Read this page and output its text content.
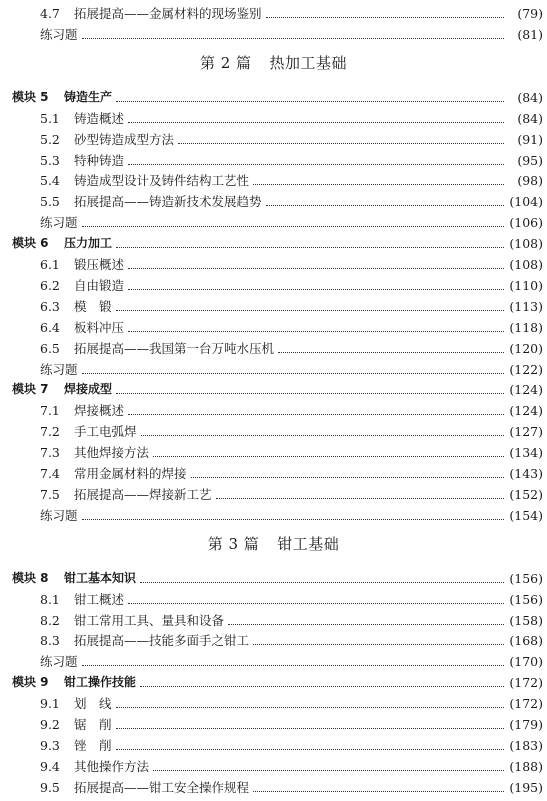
4.7	拓展提高——金属材料的现场鉴别	(79)
练习题	(81)
第 2 篇 热加工基础
模块 5	铸造生产	(84)
5.1	铸造概述	(84)
5.2	砂型铸造成型方法	(91)
5.3	特种铸造	(95)
5.4	铸造成型设计及铸件结构工艺性	(98)
5.5	拓展提高——铸造新技术发展趋势	(104)
练习题	(106)
模块 6	压力加工	(108)
6.1	锻压概述	(108)
6.2	自由锻造	(110)
6.3	模　锻	(113)
6.4	板料冲压	(118)
6.5	拓展提高——我国第一台万吨水压机	(120)
练习题	(122)
模块 7	焊接成型	(124)
7.1	焊接概述	(124)
7.2	手工电弧焊	(127)
7.3	其他焊接方法	(134)
7.4	常用金属材料的焊接	(143)
7.5	拓展提高——焊接新工艺	(152)
练习题	(154)
第 3 篇 钳工基础
模块 8	钳工基本知识	(156)
8.1	钳工概述	(156)
8.2	钳工常用工具、量具和设备	(158)
8.3	拓展提高——技能多面手之钳工	(168)
练习题	(170)
模块 9	钳工操作技能	(172)
9.1	划　线	(172)
9.2	锯　削	(179)
9.3	锉　削	(183)
9.4	其他操作方法	(188)
9.5	拓展提高——钳工安全操作规程	(195)
